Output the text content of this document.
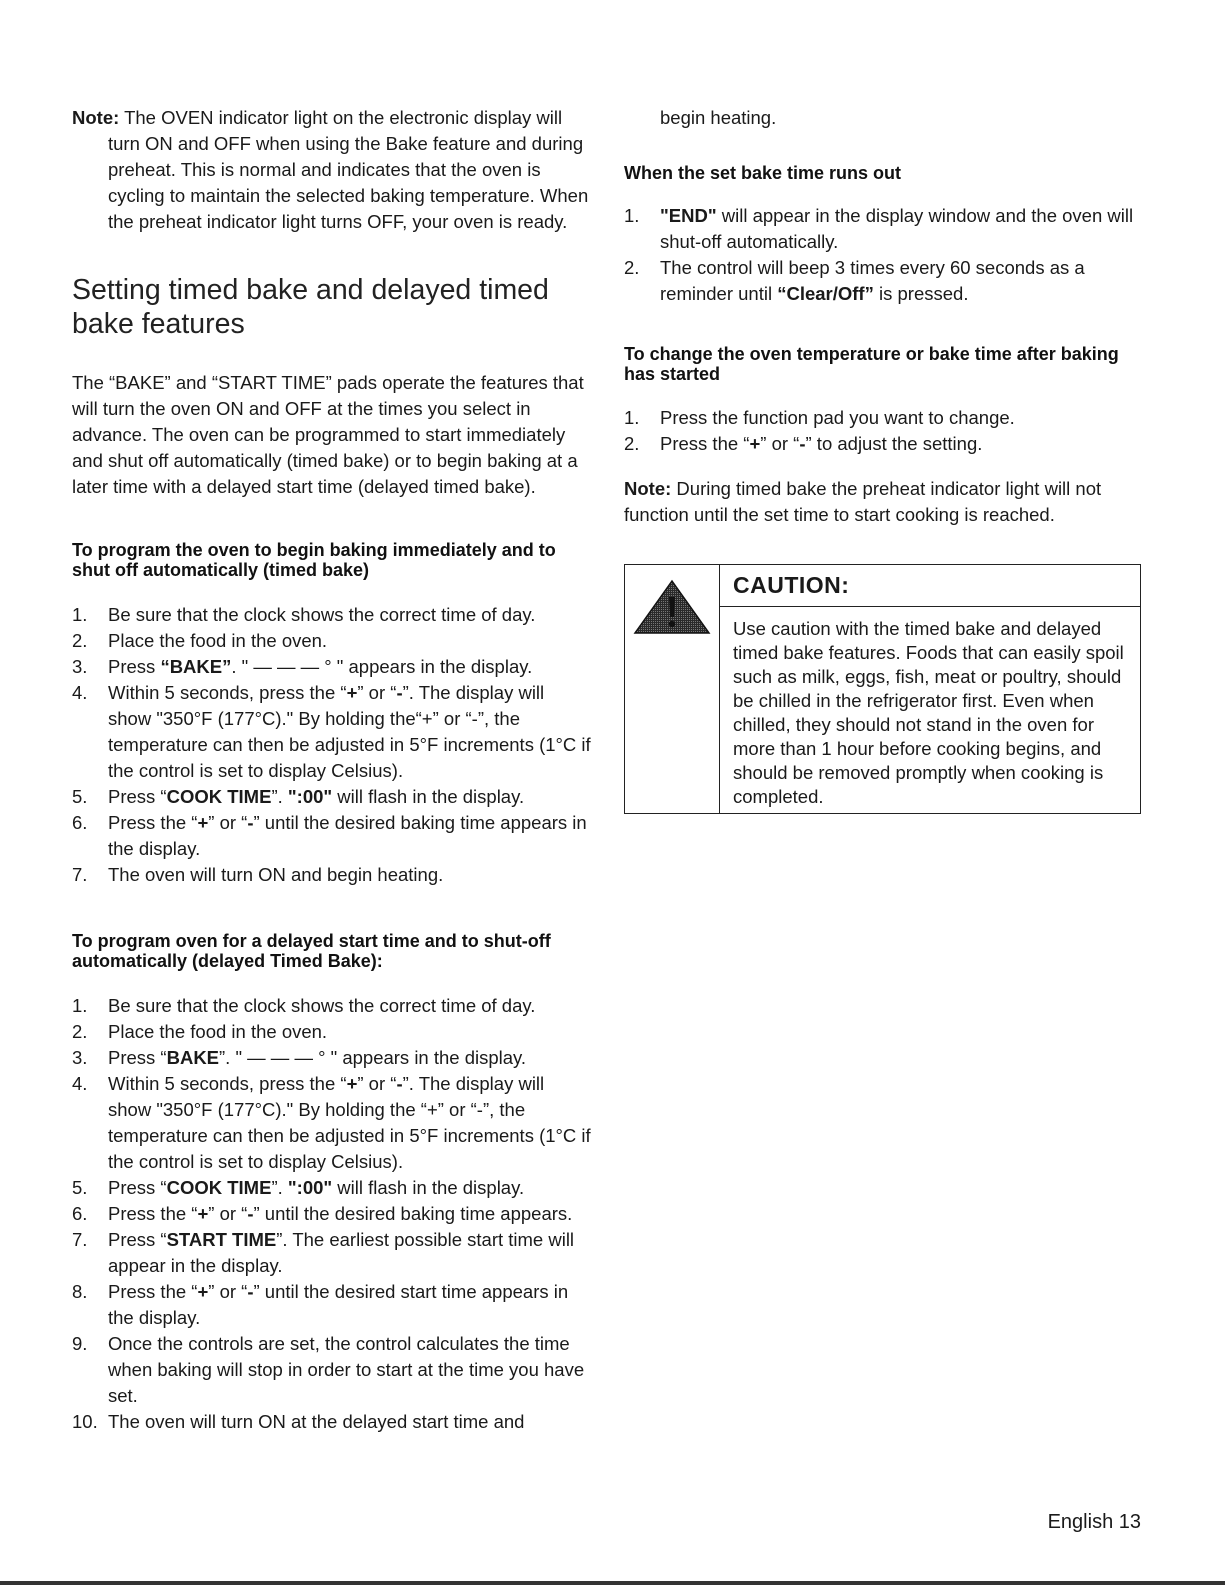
Note: The OVEN indicator light on the electronic display will turn ON and OFF when using the Bake feature and during preheat. This is normal and indicates that the oven is cycling to maintain the selected baking temperature. When the preheat indicator light turns OFF, your oven is ready.

Setting timed bake and delayed timed bake features

The “BAKE” and “START TIME” pads operate the features that will turn the oven ON and OFF at the times you select in advance. The oven can be programmed to start immediately and shut off automatically (timed bake) or to begin baking at a later time with a delayed start time (delayed timed bake).

To program the oven to begin baking immediately and to shut off automatically (timed bake)
1. Be sure that the clock shows the correct time of day.
2. Place the food in the oven.
3. Press “BAKE”. " — — — ° " appears in the display.
4. Within 5 seconds, press the “+” or “-”. The display will show "350°F (177°C)." By holding the“+” or “-”, the temperature can then be adjusted in 5°F increments (1°C if the control is set to display Celsius).
5. Press “COOK TIME”. ":00" will flash in the display.
6. Press the “+” or “-” until the desired baking time appears in the display.
7. The oven will turn ON and begin heating.
To program oven for a delayed start time and to shut-off automatically (delayed Timed Bake):
1. Be sure that the clock shows the correct time of day.
2. Place the food in the oven.
3. Press “BAKE”. " — — — ° " appears in the display.
4. Within 5 seconds, press the “+” or “-”. The display will show "350°F (177°C)." By holding the “+” or “-”, the temperature can then be adjusted in 5°F increments (1°C if the control is set to display Celsius).
5. Press “COOK TIME”. ":00" will flash in the display.
6. Press the “+” or “-” until the desired baking time appears.
7. Press “START TIME”. The earliest possible start time will appear in the display.
8. Press the “+” or “-” until the desired start time appears in the display.
9. Once the controls are set, the control calculates the time when baking will stop in order to start at the time you have set.
10. The oven will turn ON at the delayed start time and

begin heating.

When the set bake time runs out
1. "END" will appear in the display window and the oven will shut-off automatically.
2. The control will beep 3 times every 60 seconds as a reminder until “Clear/Off” is pressed.
To change the oven temperature or bake time after baking has started
1. Press the function pad you want to change.
2. Press the “+” or “-” to adjust the setting.

Note: During timed bake the preheat indicator light will not function until the set time to start cooking is reached.

CAUTION:
Use caution with the timed bake and delayed timed bake features. Foods that can easily spoil such as milk, eggs, fish, meat or poultry, should be chilled in the refrigerator first. Even when chilled, they should not stand in the oven for more than 1 hour before cooking begins, and should be removed promptly when cooking is completed.
English 13
